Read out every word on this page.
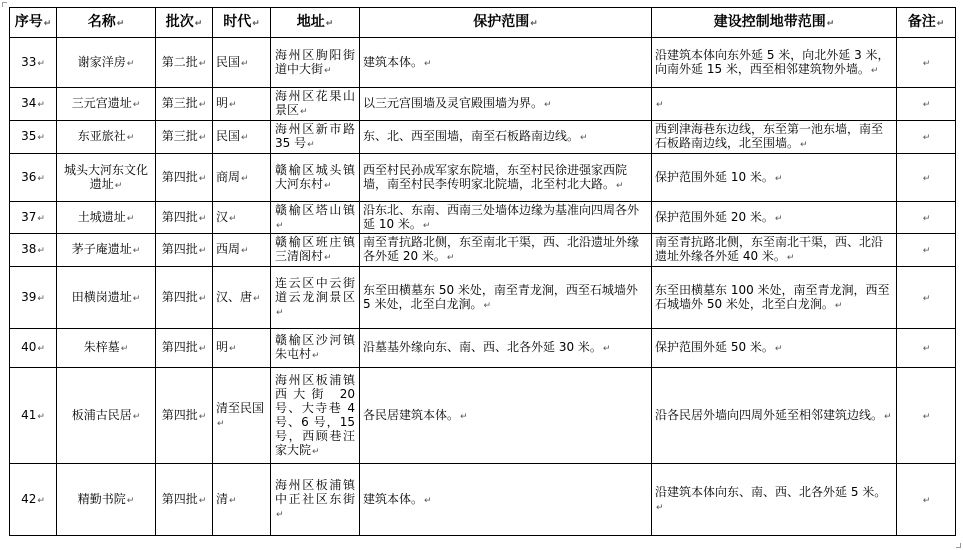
序号↵	名称↵	批次↵	时代↵	地址↵	保护范围↵	建设控制地带范围↵	备注↵
33↵	谢家洋房↵	第二批↵	民国↵	海州区朐阳街道中大街↵	建筑本体。↵	沿建筑本体向东外延 5 米，向北外延 3 米，向南外延 15 米，西至相邻建筑物外墙。↵	↵
34↵	三元宫遗址↵	第三批↵	明↵	海州区花果山景区↵	以三元宫围墙及灵官殿围墙为界。↵	↵	↵
35↵	东亚旅社↵	第三批↵	民国↵	海州区新市路 35 号↵	东、北、西至围墙，南至石板路南边线。↵	西到津海巷东边线，东至第一池东墙，南至石板路南边线，北至围墙。↵	↵
36↵	城头大河东文化遗址↵	第四批↵	商周↵	赣榆区城头镇大河东村↵	西至村民孙成军家东院墙，东至村民徐进强家西院墙，南至村民李传明家北院墙，北至村北大路。↵	保护范围外延 10 米。↵	↵
37↵	土城遗址↵	第四批↵	汉↵	赣榆区塔山镇↵	沿东北、东南、西南三处墙体边缘为基准向四周各外延 10 米。↵	保护范围外延 20 米。↵	↵
38↵	茅子庵遗址↵	第四批↵	西周↵	赣榆区班庄镇三清阁村↵	南至青抗路北侧，东至南北干渠，西、北沿遗址外缘各外延 20 米。↵	南至青抗路北侧，东至南北干渠，西、北沿遗址外缘各外延 40 米。↵	↵
39↵	田横岗遗址↵	第四批↵	汉、唐↵	连云区中云街道云龙涧景区↵	东至田横墓东 50 米处，南至青龙涧，西至石城墙外 5 米处，北至白龙涧。↵	东至田横墓东 100 米处，南至青龙涧，西至石城墙外 50 米处，北至白龙涧。↵	↵
40↵	朱梓墓↵	第四批↵	明↵	赣榆区沙河镇朱屯村↵	沿墓基外缘向东、南、西、北各外延 30 米。↵	保护范围外延 50 米。↵	↵
41↵	板浦古民居↵	第四批↵	清至民国↵	海州区板浦镇西大街 20 号、大寺巷 4 号、6 号，15 号，西顾巷汪家大院↵	各民居建筑本体。↵	沿各民居外墙向四周外延至相邻建筑边线。↵	↵
42↵	精勤书院↵	第四批↵	清↵	海州区板浦镇中正社区东街↵	建筑本体。↵	沿建筑本体向东、南、西、北各外延 5 米。↵	↵
